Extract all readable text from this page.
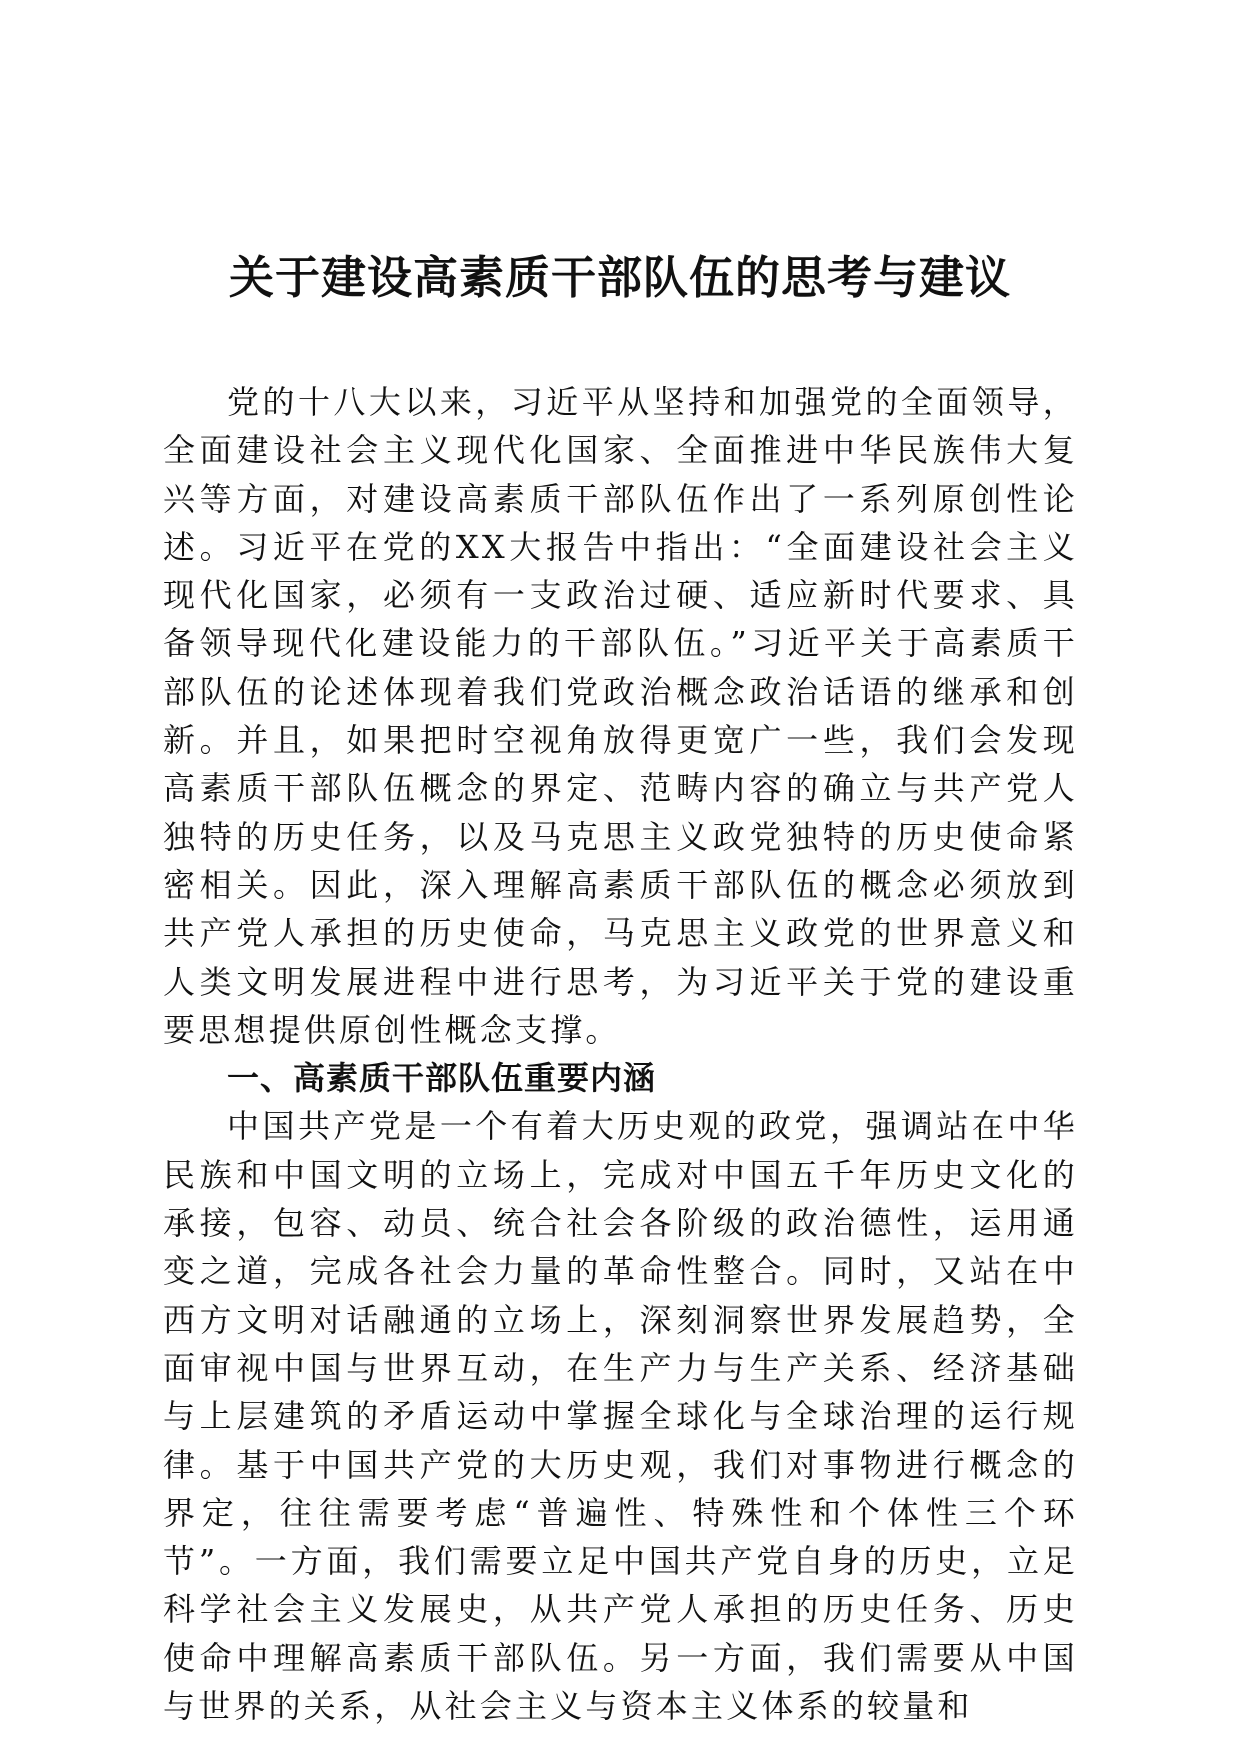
关于建设高素质干部队伍的思考与建议

党的十八大以来，习近平从坚持和加强党的全面领导，全面建设社会主义现代化国家、全面推进中华民族伟大复兴等方面，对建设高素质干部队伍作出了一系列原创性论述。习近平在党的XX大报告中指出：“全面建设社会主义现代化国家，必须有一支政治过硬、适应新时代要求、具备领导现代化建设能力的干部队伍。”习近平关于高素质干部队伍的论述体现着我们党政治概念政治话语的继承和创新。并且，如果把时空视角放得更宽广一些，我们会发现高素质干部队伍概念的界定、范畴内容的确立与共产党人独特的历史任务，以及马克思主义政党独特的历史使命紧密相关。因此，深入理解高素质干部队伍的概念必须放到共产党人承担的历史使命，马克思主义政党的世界意义和人类文明发展进程中进行思考，为习近平关于党的建设重要思想提供原创性概念支撑。

一、高素质干部队伍重要内涵

中国共产党是一个有着大历史观的政党，强调站在中华民族和中国文明的立场上，完成对中国五千年历史文化的承接，包容、动员、统合社会各阶级的政治德性，运用通变之道，完成各社会力量的革命性整合。同时，又站在中西方文明对话融通的立场上，深刻洞察世界发展趋势，全面审视中国与世界互动，在生产力与生产关系、经济基础与上层建筑的矛盾运动中掌握全球化与全球治理的运行规律。基于中国共产党的大历史观，我们对事物进行概念的界定，往往需要考虑“普遍性、特殊性和个体性三个环节”。一方面，我们需要立足中国共产党自身的历史，立足科学社会主义发展史，从共产党人承担的历史任务、历史使命中理解高素质干部队伍。另一方面，我们需要从中国与世界的关系，从社会主义与资本主义体系的较量和
